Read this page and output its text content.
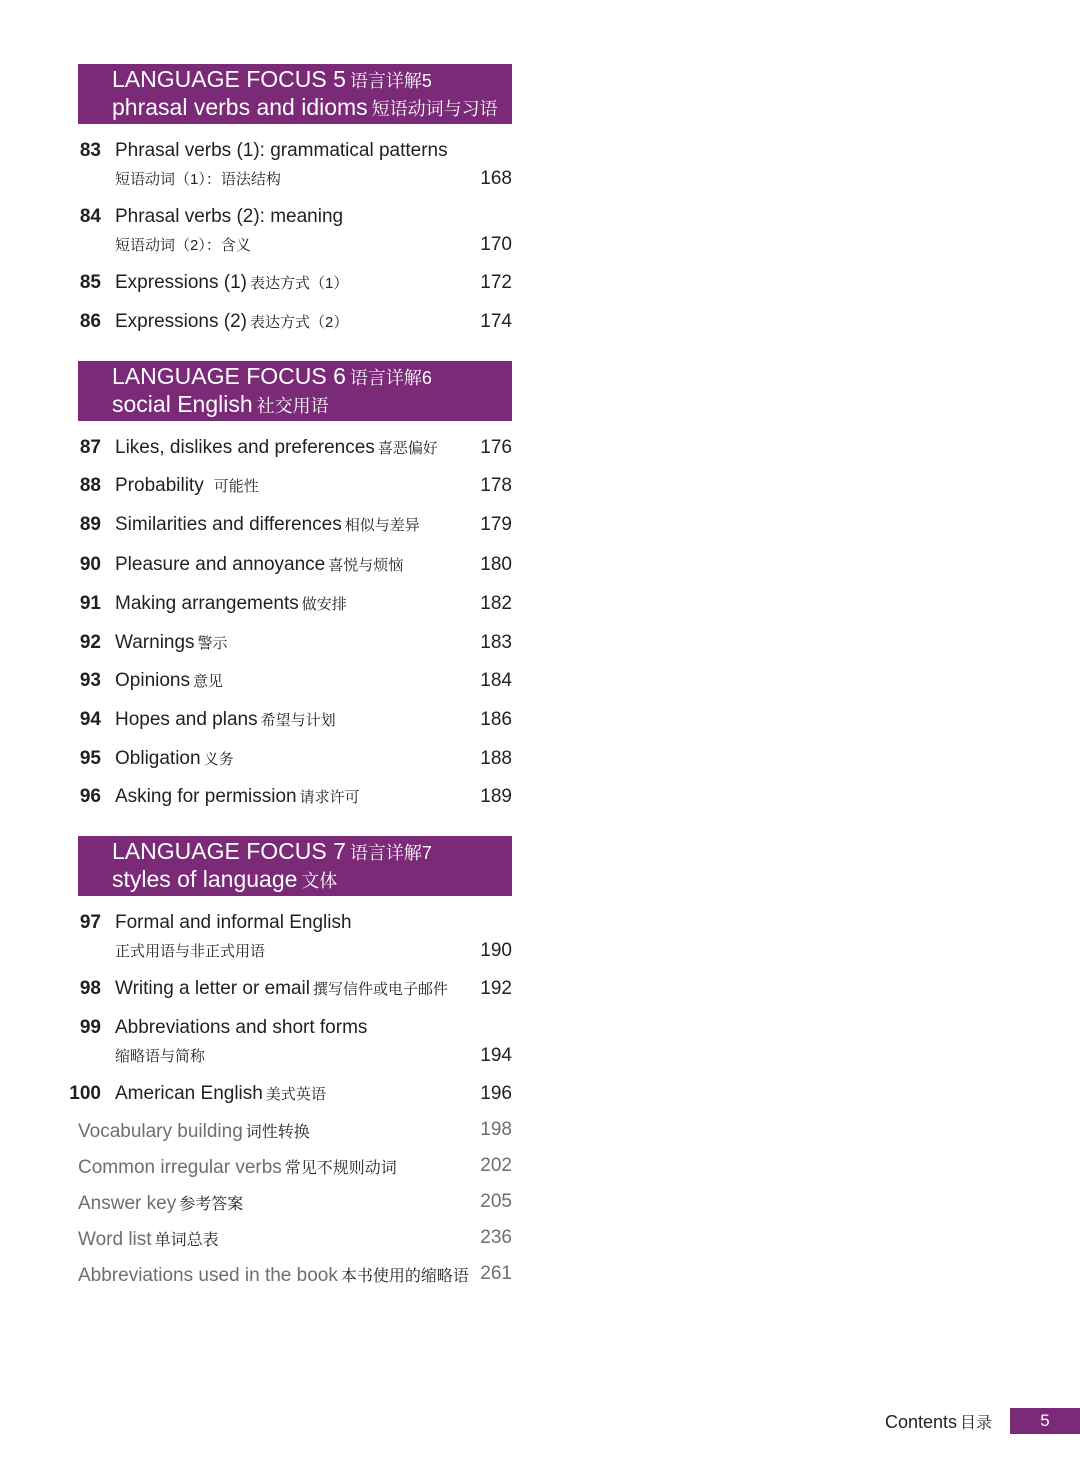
LANGUAGE FOCUS 5 语言详解5
phrasal verbs and idioms 短语动词与习语
83 Phrasal verbs (1): grammatical patterns
短语动词（1）：语法结构	168
84 Phrasal verbs (2): meaning
短语动词（2）：含义	170
85 Expressions (1) 表达方式（1）	172
86 Expressions (2) 表达方式（2）	174
LANGUAGE FOCUS 6 语言详解6
social English 社交用语
87 Likes, dislikes and preferences 喜恶偏好 176
88 Probability 可能性	178
89 Similarities and differences 相似与差异	179
90 Pleasure and annoyance 喜悦与烦恼	180
91 Making arrangements 做安排	182
92 Warnings 警示	183
93 Opinions 意见	184
94 Hopes and plans 希望与计划	186
95 Obligation 义务	188
96 Asking for permission 请求许可	189
LANGUAGE FOCUS 7 语言详解7
styles of language 文体
97 Formal and informal English
正式用语与非正式用语	190
98 Writing a letter or email 撰写信件或电子邮件 192
99 Abbreviations and short forms
缩略语与简称	194
100 American English 美式英语	196
Vocabulary building 词性转换	198
Common irregular verbs 常见不规则动词	202
Answer key 参考答案	205
Word list 单词总表	236
Abbreviations used in the book 本书使用的缩略语 261
Contents 目录	5
